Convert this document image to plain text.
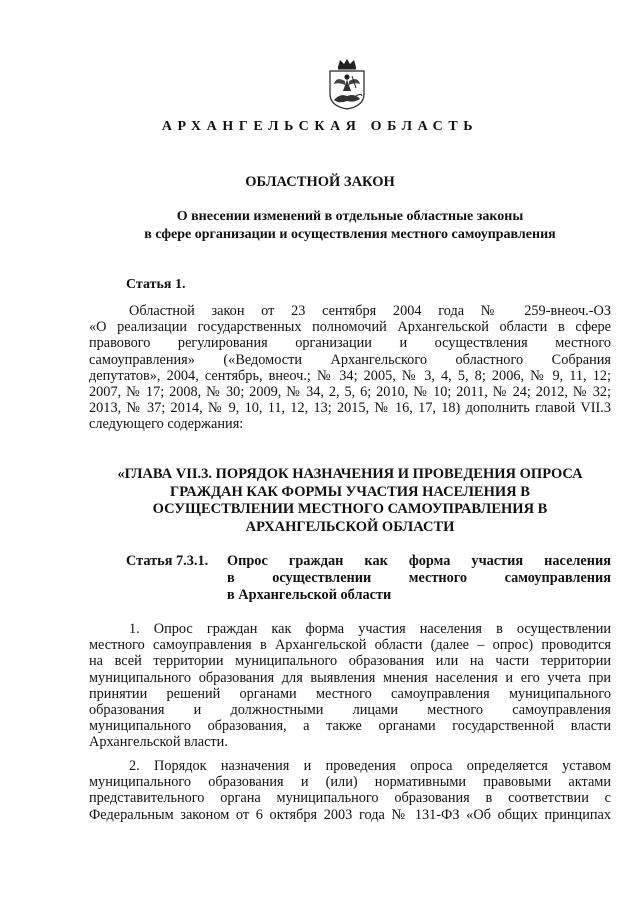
АРХАНГЕЛЬСКАЯ ОБЛАСТЬ
ОБЛАСТНОЙ ЗАКОН
О внесении изменений в отдельные областные законы
в сфере организации и осуществления местного самоуправления
Статья 1.
Областной закон от 23 сентября 2004 года № 259-внеоч.-ОЗ
«О реализации государственных полномочий Архангельской области в сфере
правового регулирования организации и осуществления местного
самоуправления» («Ведомости Архангельского областного Собрания
депутатов», 2004, сентябрь, внеоч.; № 34; 2005, № 3, 4, 5, 8; 2006, № 9, 11, 12;
2007, № 17; 2008, № 30; 2009, № 34, 2, 5, 6; 2010, № 10; 2011, № 24; 2012, № 32;
2013, № 37; 2014, № 9, 10, 11, 12, 13; 2015, № 16, 17, 18) дополнить главой VII.3
следующего содержания:
«ГЛАВА VII.3. ПОРЯДОК НАЗНАЧЕНИЯ И ПРОВЕДЕНИЯ ОПРОСА
ГРАЖДАН КАК ФОРМЫ УЧАСТИЯ НАСЕЛЕНИЯ В
ОСУЩЕСТВЛЕНИИ МЕСТНОГО САМОУПРАВЛЕНИЯ В
АРХАНГЕЛЬСКОЙ ОБЛАСТИ
Статья 7.3.1. Опрос граждан как форма участия населения
в осуществлении местного самоуправления
в Архангельской области
1. Опрос граждан как форма участия населения в осуществлении
местного самоуправления в Архангельской области (далее – опрос) проводится
на всей территории муниципального образования или на части территории
муниципального образования для выявления мнения населения и его учета при
принятии решений органами местного самоуправления муниципального
образования и должностными лицами местного самоуправления
муниципального образования, а также органами государственной власти
Архангельской власти.
2. Порядок назначения и проведения опроса определяется уставом
муниципального образования и (или) нормативными правовыми актами
представительного органа муниципального образования в соответствии с
Федеральным законом от 6 октября 2003 года № 131-ФЗ «Об общих принципах
